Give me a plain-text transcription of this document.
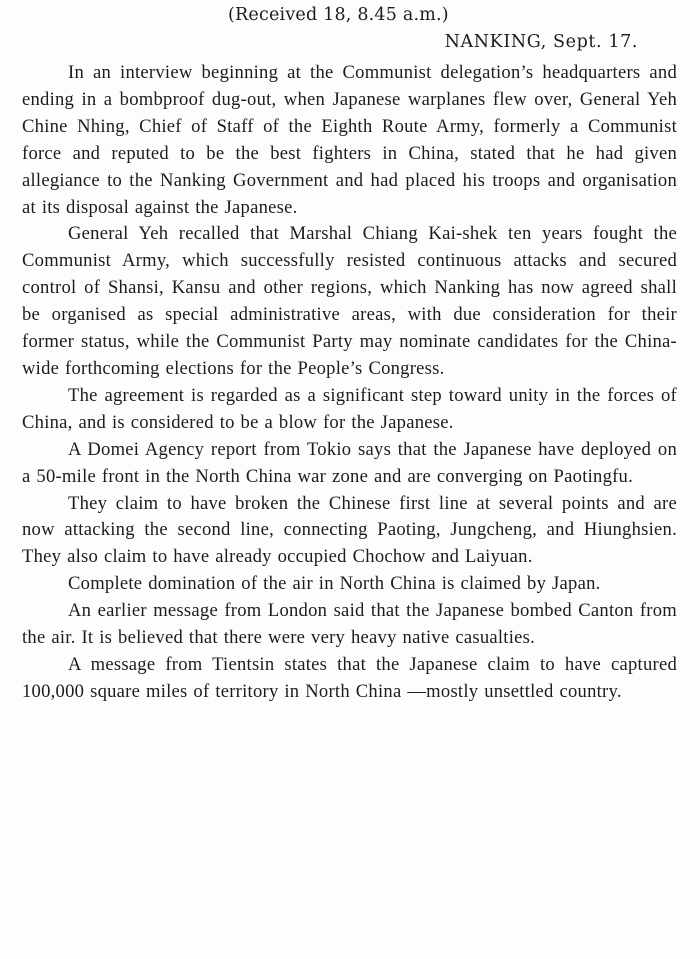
(Received 18, 8.45 a.m.)
NANKING, Sept. 17.

In an interview beginning at the Communist delegation’s headquarters and ending in a bombproof dug-out, when Japanese warplanes flew over, General Yeh Chine Nhing, Chief of Staff of the Eighth Route Army, formerly a Communist force and reputed to be the best fighters in China, stated that he had given allegiance to the Nanking Government and had placed his troops and organisation at its disposal against the Japanese.

General Yeh recalled that Marshal Chiang Kai-shek ten years fought the Communist Army, which successfully resisted continuous attacks and secured control of Shansi, Kansu and other regions, which Nanking has now agreed shall be organised as special administrative areas, with due consideration for their former status, while the Communist Party may nominate candidates for the China-wide forthcoming elections for the People’s Congress.

The agreement is regarded as a significant step toward unity in the forces of China, and is considered to be a blow for the Japanese.

A Domei Agency report from Tokio says that the Japanese have deployed on a 50-mile front in the North China war zone and are converging on Paotingfu.

They claim to have broken the Chinese first line at several points and are now attacking the second line, connecting Paoting, Jungcheng, and Hiunghsien. They also claim to have already occupied Chochow and Laiyuan.

Complete domination of the air in North China is claimed by Japan.

An earlier message from London said that the Japanese bombed Canton from the air. It is believed that there were very heavy native casualties.

A message from Tientsin states that the Japanese claim to have captured 100,000 square miles of territory in North China —mostly unsettled country.
